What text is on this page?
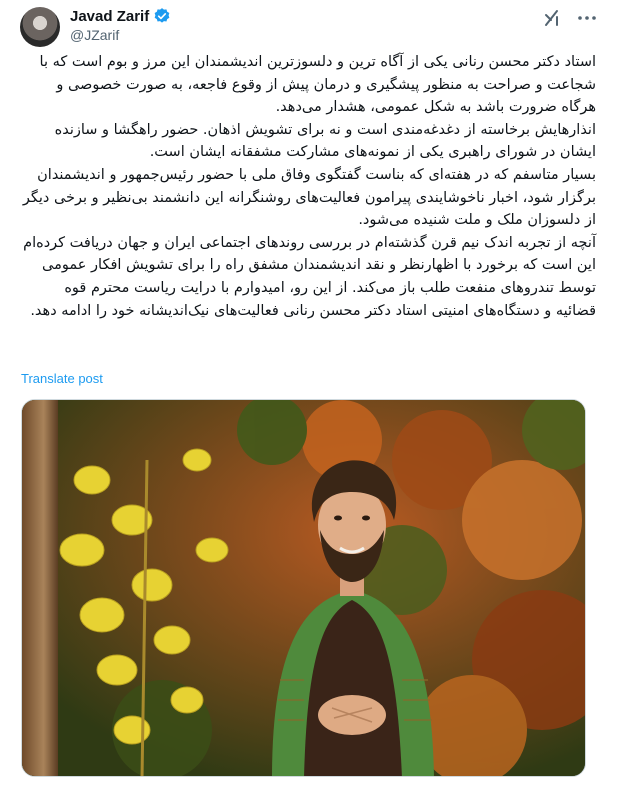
Javad Zarif
@JZarif

استاد دکتر محسن رنانی یکی از آگاه ترین و دلسوزترین اندیشمندان این مرز و بوم است که با شجاعت و صراحت به منظور پیشگیری و درمان پیش از وقوع فاجعه، به صورت خصوصی و هرگاه ضرورت باشد به شکل عمومی، هشدار می‌دهد.

انذارهایش برخاسته از دغدغه‌مندی است و نه برای تشویش اذهان. حضور راهگشا و سازنده ایشان در شورای راهبری یکی از نمونه‌های مشارکت مشفقانه ایشان است.

بسیار متاسفم که در هفته‌ای که بناست گفتگوی وفاق ملی با حضور رئیس‌جمهور و اندیشمندان برگزار شود، اخبار ناخوشایندی پیرامون فعالیت‌های روشنگرانه این دانشمند بی‌نظیر و برخی دیگر از دلسوزان ملک و ملت شنیده می‌شود.

آنچه از تجربه اندک نیم قرن گذشته‌ام در بررسی روندهای اجتماعی ایران و جهان دریافت کرده‌ام این است که برخورد با اظهارنظر و نقد اندیشمندان مشفق راه را برای تشویش افکار عمومی توسط تندروهای منفعت طلب باز می‌کند. از این رو، امیدوارم با درایت ریاست محترم قوه قضائیه و دستگاه‌های امنیتی استاد دکتر محسن رنانی فعالیت‌های نیک‌اندیشانه خود را ادامه دهد.

Translate post
